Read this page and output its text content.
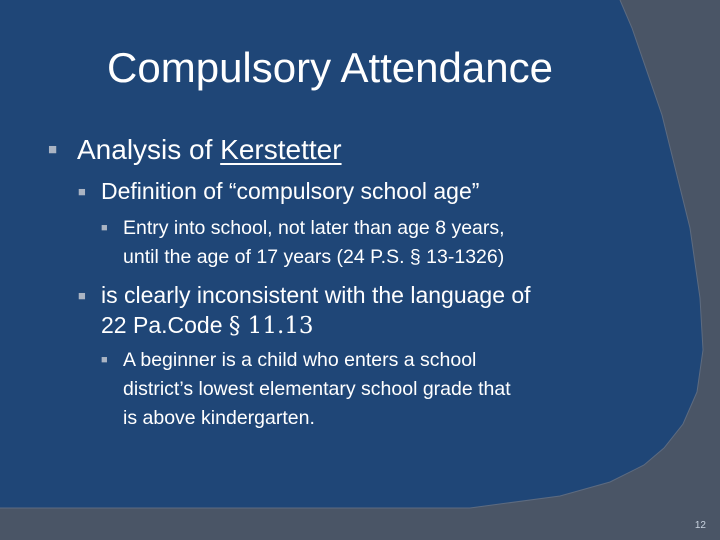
Compulsory Attendance
■ Analysis of Kerstetter
■ Definition of “compulsory school age”
■ Entry into school, not later than age 8 years,
until the age of 17 years (24 P.S. § 13-1326)
■ is clearly inconsistent with the language of
22 Pa.Code § 11.13
■ A beginner is a child who enters a school
district’s lowest elementary school grade that
is above kindergarten.
12
